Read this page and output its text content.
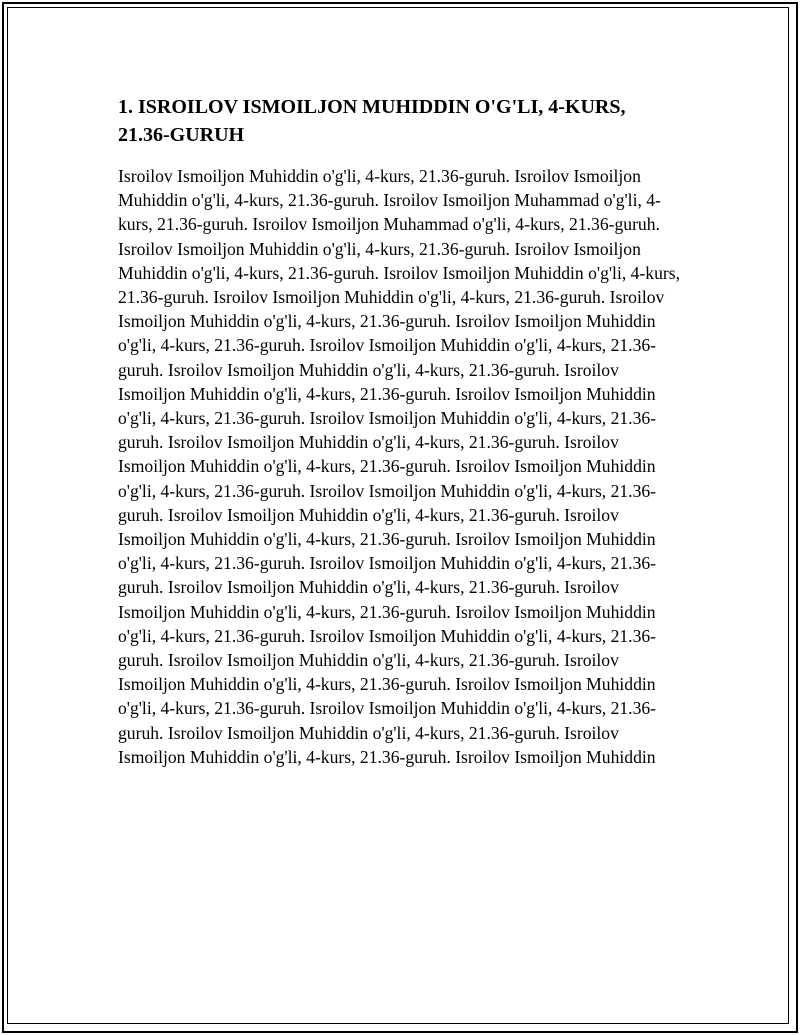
1. ISROILOV ISMOILJON MUHIDDIN O'G'LI, 4-KURS, 21.36-GURUH

Isroilov Ismoiljon Muhiddin o'g'li, 4-kurs, 21.36-guruh. Isroilov Ismoiljon Muhiddin o'g'li, 4-kurs, 21.36-guruh. Isroilov Ismoiljon Muhammad o'g'li, 4-kurs, 21.36-guruh. Isroilov Ismoiljon Muhammad o'g'li, 4-kurs, 21.36-guruh. Isroilov Ismoiljon Muhiddin o'g'li, 4-kurs, 21.36-guruh. Isroilov Ismoiljon Muhiddin o'g'li, 4-kurs, 21.36-guruh. Isroilov Ismoiljon Muhiddin o'g'li, 4-kurs, 21.36-guruh. Isroilov Ismoiljon Muhiddin o'g'li, 4-kurs, 21.36-guruh. Isroilov Ismoiljon Muhiddin o'g'li, 4-kurs, 21.36-guruh. Isroilov Ismoiljon Muhiddin o'g'li, 4-kurs, 21.36-guruh. Isroilov Ismoiljon Muhiddin o'g'li, 4-kurs, 21.36-guruh. Isroilov Ismoiljon Muhiddin o'g'li, 4-kurs, 21.36-guruh. Isroilov Ismoiljon Muhiddin o'g'li, 4-kurs, 21.36-guruh. Isroilov Ismoiljon Muhiddin o'g'li, 4-kurs, 21.36-guruh. Isroilov Ismoiljon Muhiddin o'g'li, 4-kurs, 21.36-guruh. Isroilov Ismoiljon Muhiddin o'g'li, 4-kurs, 21.36-guruh. Isroilov Ismoiljon Muhiddin o'g'li, 4-kurs, 21.36-guruh. Isroilov Ismoiljon Muhiddin o'g'li, 4-kurs, 21.36-guruh. Isroilov Ismoiljon Muhiddin o'g'li, 4-kurs, 21.36-guruh. Isroilov Ismoiljon Muhiddin o'g'li, 4-kurs, 21.36-guruh. Isroilov Ismoiljon Muhiddin o'g'li, 4-kurs, 21.36-guruh. Isroilov Ismoiljon Muhiddin o'g'li, 4-kurs, 21.36-guruh. Isroilov Ismoiljon Muhiddin o'g'li, 4-kurs, 21.36-guruh. Isroilov Ismoiljon Muhiddin o'g'li, 4-kurs, 21.36-guruh. Isroilov Ismoiljon Muhiddin o'g'li, 4-kurs, 21.36-guruh. Isroilov Ismoiljon Muhiddin o'g'li, 4-kurs, 21.36-guruh. Isroilov Ismoiljon Muhiddin o'g'li, 4-kurs, 21.36-guruh. Isroilov Ismoiljon Muhiddin o'g'li, 4-kurs, 21.36-guruh. Isroilov Ismoiljon Muhiddin o'g'li, 4-kurs, 21.36-guruh. Isroilov Ismoiljon Muhiddin o'g'li, 4-kurs, 21.36-guruh. Isroilov Ismoiljon Muhiddin o'g'li, 4-kurs, 21.36-guruh. Isroilov Ismoiljon Muhiddin o'g'li, 4-kurs, 21.36-guruh. Isroilov Ismoiljon Muhiddin o'g'li, 4-kurs, 21.36-guruh. Isroilov Ismoiljon Muhiddin
